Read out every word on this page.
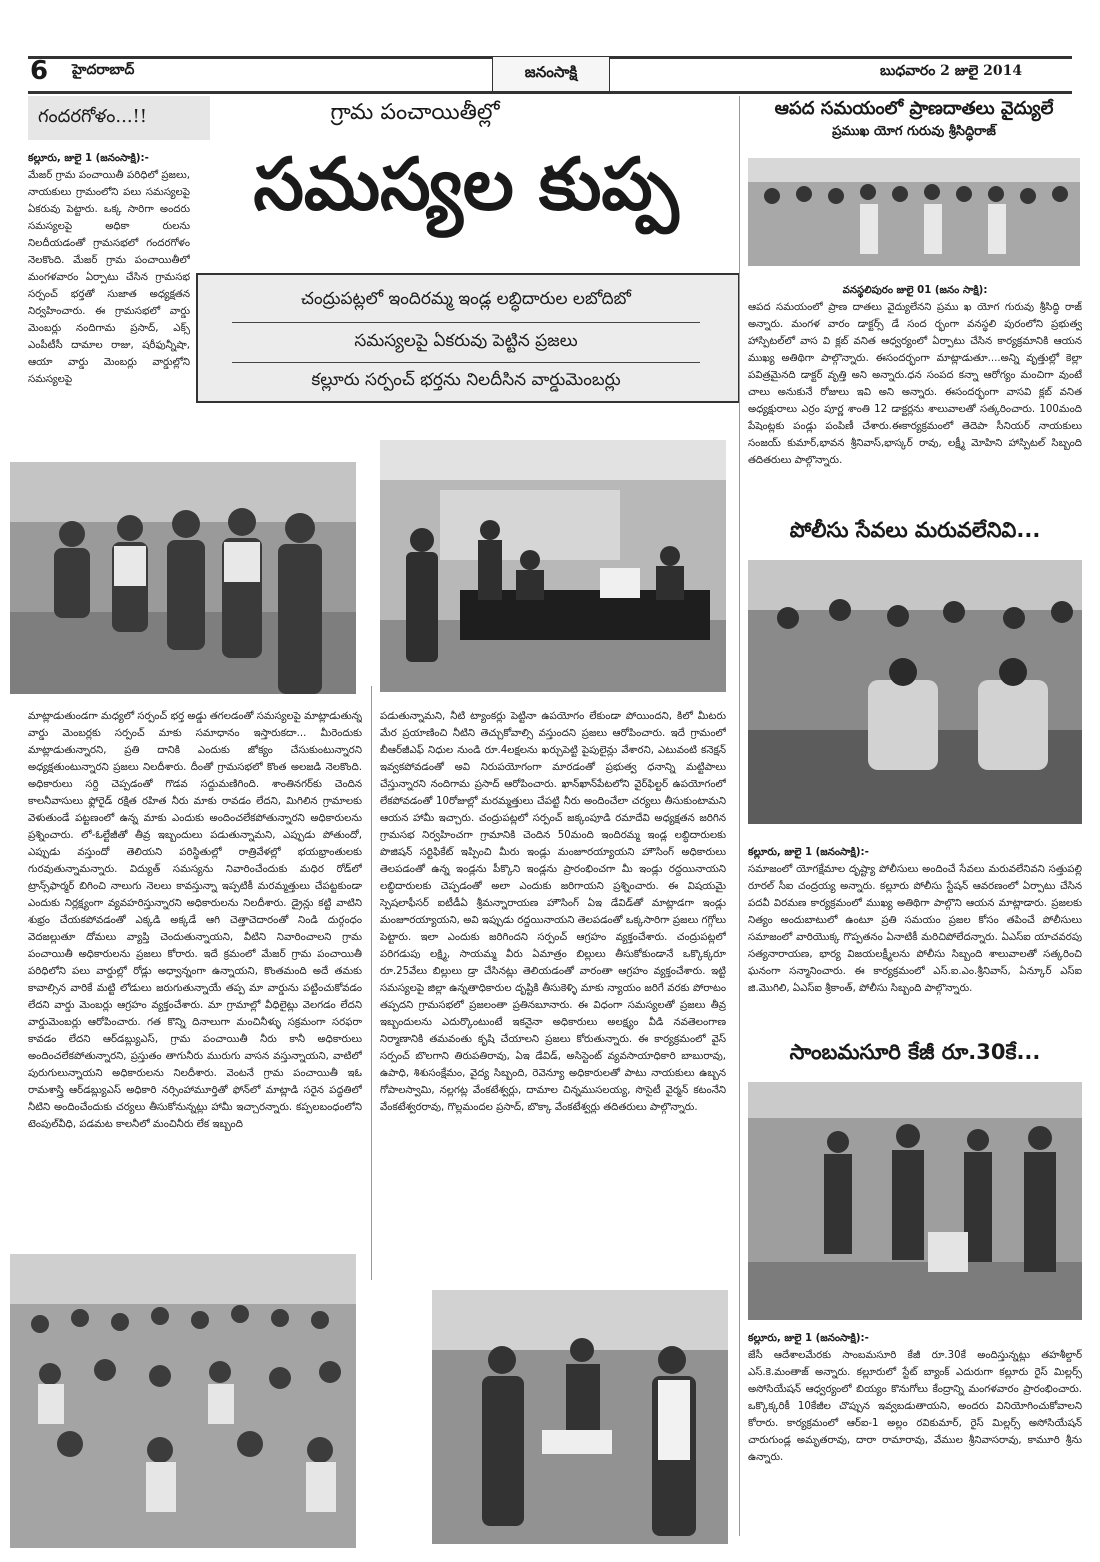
6 హైదరాబాద్	జనంసాక్షి	బుధవారం 2 జులై 2014
గందరగోళం...!!	గ్రామ పంచాయితీల్లో
సమస్యల కుప్ప
చంద్రుపట్లలో ఇందిరమ్మ ఇండ్ల లబ్ధిదారుల లబోదిబో
సమస్యలపై ఏకరువు పెట్టిన ప్రజలు
కల్లూరు సర్పంచ్ భర్తను నిలదీసిన వార్డుమెంబర్లు
కల్లూరు, జులై 1 (జనంసాక్షి):-
మేజర్ గ్రామ పంచాయితీ పరిధిలో ప్రజలు, నాయకులు గ్రామంలోని పలు సమస్యలపై ఏకరువు పెట్టారు. ఒక్క సారిగా అందరు సమస్యలపై అధికా రులను నిలదీయడంతో గ్రామసభలో గందరగోళం నెలకొంది. మేజర్ గ్రామ పంచాయితీలో మంగళవారం ఏర్పాటు చేసిన గ్రామసభ సర్పంచ్ భర్తతో సుజాత అధ్యక్షతన నిర్వహించారు. ఈ గ్రామసభలో వార్డు మెంబర్లు నందిగామ ప్రసాద్, ఎక్స్ ఎంపీటీసీ దామాల రాజు, షరీఫున్నీషా, ఆయా వార్డు మెంబర్లు వార్డుల్లోని సమస్యలపై
మాట్లాడుతుండగా మధ్యలో సర్పంచ్ భర్త అడ్డు తగలడంతో సమస్యలపై మాట్లాడుతున్న వార్డు మెంబర్లకు సర్పంచ్ మాకు సమాధానం ఇస్తారుకదా... మీరెందుకు మాట్లాడుతున్నారని, ప్రతి దానికి ఎందుకు జోక్యం చేసుకుంటున్నారని అధ్యక్షతుంటున్నారని ప్రజలు నిలదీశారు. దీంతో గ్రామసభలో కొంత అలజడి నెలకొంది. అధికారులు సర్ది చెప్పడంతో గొడవ సద్దుమణిగింది. శాంతినగర్‌కు చెందిన కాలనీవాసులు ఫ్లోరైడ్ రక్షిత రహిత నీరు మాకు రావడం లేదని, మిగిలిన గ్రామాలకు వెళుతుండే పట్టణంలో ఉన్న మాకు ఎందుకు అందించలేకపోతున్నారని అధికారులను ప్రశ్నించారు. లో-ఓల్టేజీతో తీవ్ర ఇబ్బందులు పడుతున్నామని, ఎప్పుడు పోతుందో, ఎప్పుడు వస్తుందో తెలియని పరిస్థితుల్లో రాత్రివేళల్లో భయభ్రాంతులకు గురవుతున్నామన్నారు. విద్యుత్ సమస్యను నివారించేందుకు మధిర రోడ్‌లో ట్రాన్స్‌ఫార్మర్‌ బిగించి నాలుగు నెలలు కావస్తున్నా ఇప్పటికీ మరమ్మత్తులు చేపట్టకుండా ఎందుకు నిర్లక్ష్యంగా వ్యవహరిస్తున్నారని అధికారులను నిలదీశారు. డ్రైన్లు కట్టి వాటిని శుభ్రం చేయకపోవడంతో ఎక్కడి అక్కడే ఆగి చెత్తాచెదారంతో నిండి దుర్గంధం వెదజల్లుతూ దోమలు వ్యాప్తి చెందుతున్నాయని, వీటిని నివారించాలని గ్రామ పంచాయితీ అధికారులను ప్రజలు కోరారు. ఇదే క్రమంలో మేజర్ గ్రామ పంచాయితీ పరిధిలోని పలు వార్డుల్లో రోడ్లు అధ్వాన్నంగా ఉన్నాయని, కొంతమంది అదే తమకు కావాల్సిన వారికే మట్టి లోడులు జరుగుతున్నాయే తప్ప మా వార్డును పట్టించుకోవడం లేదని వార్డు మెంబర్లు ఆగ్రహం వ్యక్తంచేశారు. మా గ్రామాల్లో వీధిలైట్లు వెలగడం లేదని వార్డుమెంబర్లు ఆరోపించారు. గత కొన్ని దినాలుగా మంచినీళ్ళు సక్రమంగా సరఫరా కావడం లేదని ఆర్‌డబ్ల్యుఎస్, గ్రామ పంచాయితీ నీరు కానీ అధికారులు అందించలేకపోతున్నారని, ప్రస్తుతం తాగునీరు మురుగు వాసన వస్తున్నాయని, వాటిలో పురుగులున్నాయని అధికారులను నిలదీశారు. వెంటనే గ్రామ పంచాయితీ ఇఓ రామశాస్త్రి ఆర్‌డబ్ల్యుఎస్ అధికారి నర్సింహామూర్తితో ఫోన్‌లో మాట్లాడి సరైన పద్ధతిలో నీటిని అందించేందుకు చర్యలు తీసుకోనున్నట్లు హామీ ఇచ్చారన్నారు. కప్పలబంధంలోని టెంపుల్‌వీధి, పడమట కాలనీలో మంచినీరు లేక ఇబ్బంది
పడుతున్నామని, నీటి ట్యాంకర్లు పెట్టినా ఉపయోగం లేకుండా పోయిందని, కిలో మీటరు మేర ప్రయాణించి నీటిని తెచ్చుకోవాల్సి వస్తుందని ప్రజలు ఆరోపించారు. ఇదే గ్రామంలో బీఆర్‌జీఎఫ్ నిధుల నుండి రూ.4లక్షలను ఖర్చుపెట్టి పైపులైన్లు వేశారని, ఎటువంటి కనెక్షన్ ఇవ్వకపోవడంతో అవి నిరుపయోగంగా మారడంతో ప్రభుత్వ ధనాన్ని మట్టిపాలు చేస్తున్నారని నందిగామ ప్రసాద్ ఆరోపించారు. ఖాన్‌ఖాన్‌పేటలోని వైర్‌ఫిల్టర్ ఉపయోగంలో లేకపోవడంతో 10రోజుల్లో మరమ్మత్తులు చేపట్టి నీరు అందించేలా చర్యలు తీసుకుంటామని ఆయన హామీ ఇచ్చారు. చంద్రుపట్లలో సర్పంచ్ జక్కంపూడి రమాదేవి అధ్యక్షతన జరిగిన గ్రామసభ నిర్వహించగా గ్రామానికి చెందిన 50మంది ఇందిరమ్మ ఇండ్ల లబ్ధిదారులకు పొజిషన్ సర్టిఫికేట్ ఇప్పించి మీరు ఇండ్లు మంజూరయ్యాయని హౌసింగ్ అధికారులు తెలపడంతో ఉన్న ఇండ్లను పీక్కొని ఇండ్లను ప్రారంభించగా మీ ఇండ్లు రద్దయినాయని లబ్ధిదారులకు చెప్పడంతో అలా ఎందుకు జరిగాయని ప్రశ్నించారు. ఈ విషయమై స్పెషలాఫీసర్ ఐటీడీఏ శ్రీమన్నారాయణ హౌసింగ్ ఏఇ డేవిడ్‌తో మాట్లాడగా ఇండ్లు మంజూరయ్యాయని, అవి ఇప్పుడు రద్దయినాయని తెలపడంతో ఒక్కసారిగా ప్రజలు గగ్గోలు పెట్టారు. ఇలా ఎందుకు జరిగిందని సర్పంచ్ ఆగ్రహం వ్యక్తంచేశారు. చంద్రుపట్లలో పరిగడుపు లక్ష్మి, సాయమ్మ వీరు ఏమాత్రం బిల్లులు తీసుకోకుండానే ఒక్కొక్కరూ రూ.25వేలు బిల్లులు డ్రా చేసినట్లు తెలియడంతో వారంతా ఆగ్రహం వ్యక్తంచేశారు. ఇట్టి సమస్యలపై జిల్లా ఉన్నతాధికారుల దృష్టికి తీసుకెళ్ళి మాకు న్యాయం జరిగే వరకు పోరాటం తప్పదని గ్రామసభలో ప్రజలంతా ప్రతినబూనారు. ఈ విధంగా సమస్యలతో ప్రజలు తీవ్ర ఇబ్బందులను ఎదుర్కొంటుంటే ఇకనైనా అధికారులు అలక్ష్యం వీడి నవతెలంగాణ నిర్మాణానికి తమవంతు కృషి చేయాలని ప్రజలు కోరుతున్నారు. ఈ కార్యక్రమంలో వైస్ సర్పంచ్ బొలగాని తిరుపతిరావు, ఏఇ డేవిడ్, అసిస్టెంట్ వ్యవసాయాధికారి బాబురావు, ఉపాధి, శిశుసంక్షేమం, వైద్య సిబ్బంది, రెవెన్యూ అధికారులతో పాటు నాయకులు ఉబ్బన గోపాలస్వామి, నల్లగట్ల వేంకటేశ్వర్లు, దామాల చిన్నముసలయ్య, సొసైటీ వైర్మన్ కటంనేని వేంకటేశ్వరరావు, గొల్లమందల ప్రసాద్, బొక్కా వేంకటేశ్వర్లు తదితరులు పాల్గొన్నారు.
ఆపద సమయంలో ప్రాణదాతలు వైద్యులే
ప్రముఖ యోగ గురువు శ్రీసిద్ధిరాజ్
వనస్థలిపురం జులై 01 (జనం సాక్షి):
ఆపద సమయంలో ప్రాణ దాతలు వైద్యులేనని ప్రము ఖ యోగ గురువు శ్రీసిద్ధి రాజ్ అన్నారు. మంగళ వారం డాక్టర్స్ డే సంద ర్భంగా వనస్థలి పురంలోని ప్రభుత్వ హాస్పిటల్‌లో వాస వి క్లబ్ వనిత ఆధ్వర్యంలో ఏర్పాటు చేసిన కార్యక్రమానికి ఆయన ముఖ్య అతిథిగా పాల్గొన్నారు. ఈసందర్భంగా మాట్లాడుతూ....అన్ని వృత్తుల్లో కెల్లా పవిత్రమైనది డాక్టర్ వృత్తి అని అన్నారు.ధన సంపద కన్నా ఆరోగ్యం మంచిగా వుంటే చాలు అనుకునే రోజులు ఇవి అని అన్నారు. ఈసందర్భంగా వాసవి క్లబ్ వనిత అధ్యక్షురాలు ఎర్రం పూర్ణ శాంతి 12 డాక్టర్లను శాలువాలతో సత్కరించారు. 100మంది పేషెంట్లకు పండ్లు పంపిణీ చేశారు.ఈకార్యక్రమంలో తెదెపా సీనియర్ నాయకులు సంజయ్ కుమార్,భావన శ్రీనివాస్,భాస్కర్ రావు, లక్ష్మీ మోహిని హాస్పిటల్ సిబ్బంది తదితరులు పాల్గొన్నారు.
పోలీసు సేవలు మరువలేనివి...
కల్లూరు, జులై 1 (జనంసాక్షి):-
సమాజంలో యోగక్షేమాల దృష్ట్యా పోలీసులు అందించే సేవలు మరువలేనివని సత్తుపల్లి రూరల్ సీఐ చంద్రయ్య అన్నారు. కల్లూరు పోలీసు స్టేషన్ ఆవరణంలో ఏర్పాటు చేసిన పదవీ విరమణ కార్యక్రమంలో ముఖ్య అతిథిగా పాల్గొని ఆయన మాట్లాడారు. ప్రజలకు నిత్యం అందుబాటులో ఉంటూ ప్రతి సమయం ప్రజల కోసం తపించే పోలీసులు సమాజంలో వారియొక్క గొప్పతనం ఏనాటికీ మరిచిపోలేదన్నారు. ఏఎస్ఐ యాచవరపు సత్యనారాయణ, భార్య విజయలక్ష్మీలను పోలీసు సిబ్బంది శాలువాలతో సత్కరించి ఘనంగా సన్మానించారు. ఈ కార్యక్రమంలో ఎస్.ఐ.ఎం.శ్రీనివాస్, ఏన్కూర్ ఎస్ఐ జి.మొగిలి, ఏఎస్ఐ శ్రీకాంత్, పోలీసు సిబ్బంది పాల్గొన్నారు.
సాంబమసూరి కేజీ రూ.30కే...
కల్లూరు, జులై 1 (జనంసాక్షి):-
జేసీ ఆదేశాలమేరకు సాంబమసూరి కేజీ రూ.30కే అందిస్తున్నట్లు తహశీల్దార్ ఎస్.కె.మంతాజ్ అన్నారు. కల్లూరులో స్టేట్ బ్యాంక్ ఎదురుగా కల్లూరు రైస్ మిల్లర్స్ అసోసియేషన్ ఆధ్వర్యంలో బియ్యం కొనుగోలు కేంద్రాన్ని మంగళవారం ప్రారంభించారు. ఒక్కొక్కరికీ 10కేజీల చొప్పున ఇవ్వబడుతాయని, అందరు వినియోగించుకోవాలని కోరారు. కార్యక్రమంలో ఆర్ఐ-1 అల్లం రవికుమార్, రైస్ మిల్లర్స్ అసోసియేషన్ చారుగుండ్ల అమృతరావు, దారా రామారావు, వేముల శ్రీనివాసరావు, కామూరి శ్రీను ఉన్నారు.
